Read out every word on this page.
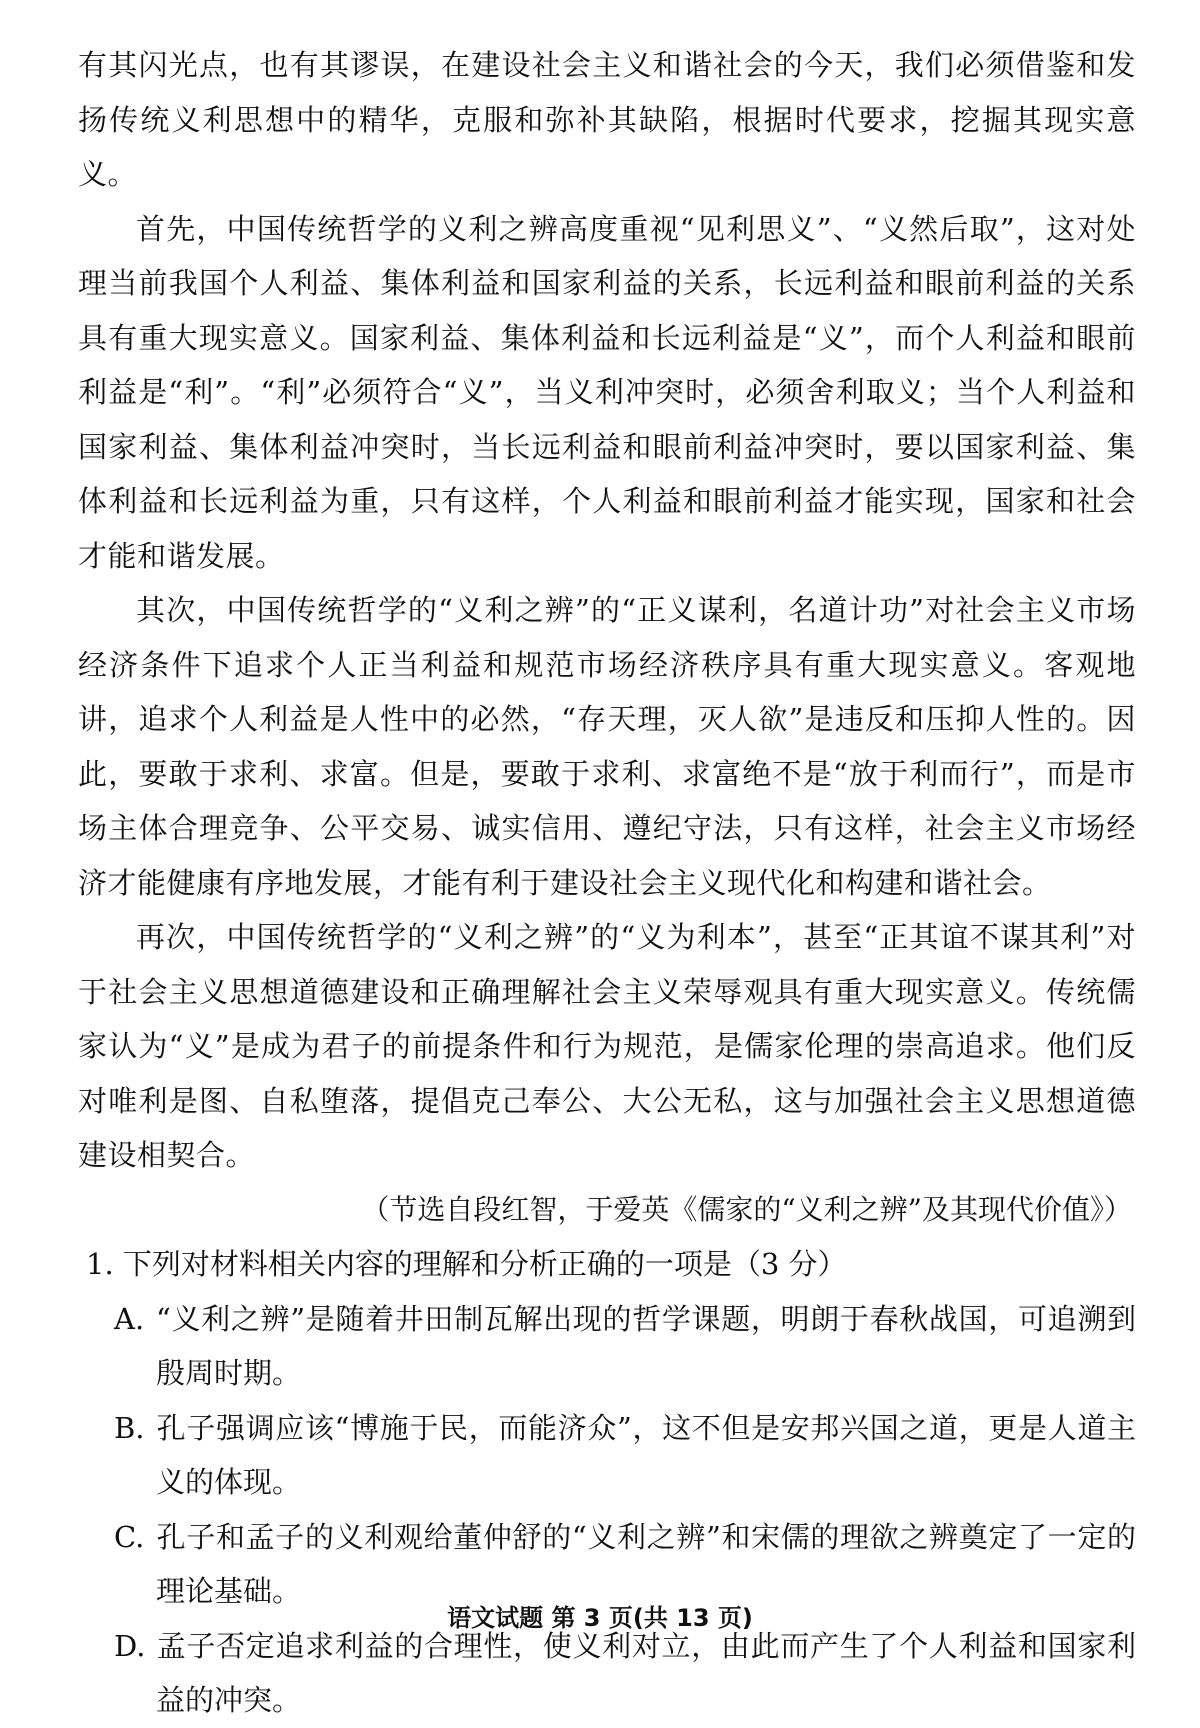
有其闪光点，也有其谬误，在建设社会主义和谐社会的今天，我们必须借鉴和发扬传统义利思想中的精华，克服和弥补其缺陷，根据时代要求，挖掘其现实意义。

首先，中国传统哲学的义利之辨高度重视“见利思义”、“义然后取”，这对处理当前我国个人利益、集体利益和国家利益的关系，长远利益和眼前利益的关系具有重大现实意义。国家利益、集体利益和长远利益是“义”，而个人利益和眼前利益是“利”。“利”必须符合“义”，当义利冲突时，必须舍利取义；当个人利益和国家利益、集体利益冲突时，当长远利益和眼前利益冲突时，要以国家利益、集体利益和长远利益为重，只有这样，个人利益和眼前利益才能实现，国家和社会才能和谐发展。

其次，中国传统哲学的“义利之辨”的“正义谋利，名道计功”对社会主义市场经济条件下追求个人正当利益和规范市场经济秩序具有重大现实意义。客观地讲，追求个人利益是人性中的必然，“存天理，灭人欲”是违反和压抑人性的。因此，要敢于求利、求富。但是，要敢于求利、求富绝不是“放于利而行”，而是市场主体合理竞争、公平交易、诚实信用、遵纪守法，只有这样，社会主义市场经济才能健康有序地发展，才能有利于建设社会主义现代化和构建和谐社会。

再次，中国传统哲学的“义利之辨”的“义为利本”，甚至“正其谊不谋其利”对于社会主义思想道德建设和正确理解社会主义荣辱观具有重大现实意义。传统儒家认为“义”是成为君子的前提条件和行为规范，是儒家伦理的崇高追求。他们反对唯利是图、自私堕落，提倡克己奉公、大公无私，这与加强社会主义思想道德建设相契合。

（节选自段红智，于爱英《儒家的“义利之辨”及其现代价值》）

1. 下列对材料相关内容的理解和分析正确的一项是（3 分）

A. “义利之辨”是随着井田制瓦解出现的哲学课题，明朗于春秋战国，可追溯到殷周时期。

B. 孔子强调应该“博施于民，而能济众”，这不但是安邦兴国之道，更是人道主义的体现。

C. 孔子和孟子的义利观给董仲舒的“义利之辨”和宋儒的理欲之辨奠定了一定的理论基础。

D. 孟子否定追求利益的合理性，使义利对立，由此而产生了个人利益和国家利益的冲突。

语文试题 第 3 页(共 13 页)
